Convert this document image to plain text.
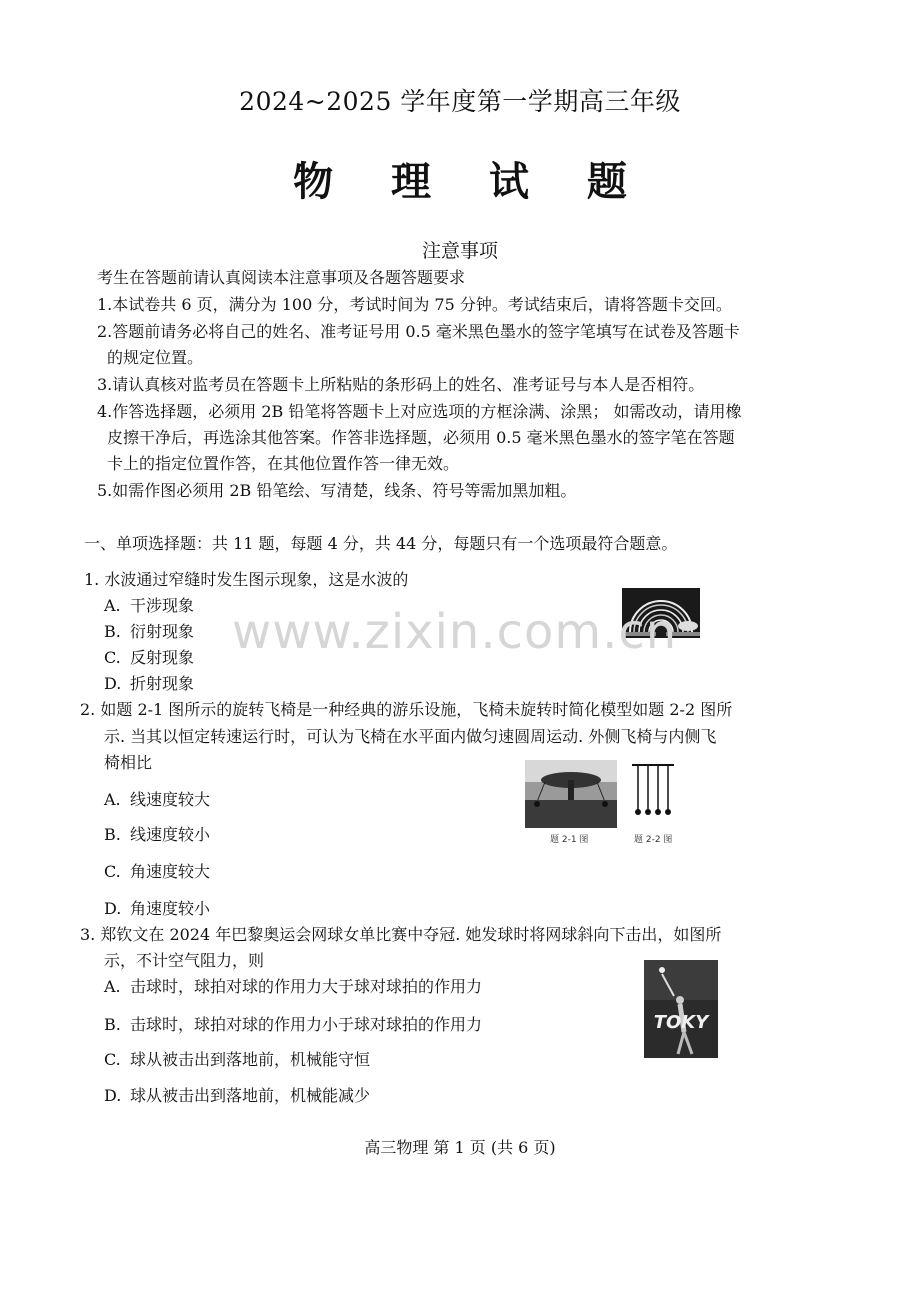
2024~2025 学年度第一学期高三年级
物 理 试 题
注意事项
考生在答题前请认真阅读本注意事项及各题答题要求
1.本试卷共 6 页，满分为 100 分，考试时间为 75 分钟。考试结束后，请将答题卡交回。
2.答题前请务必将自己的姓名、准考证号用 0.5 毫米黑色墨水的签字笔填写在试卷及答题卡
的规定位置。
3.请认真核对监考员在答题卡上所粘贴的条形码上的姓名、准考证号与本人是否相符。
4.作答选择题，必须用 2B 铅笔将答题卡上对应选项的方框涂满、涂黑； 如需改动，请用橡
皮擦干净后，再选涂其他答案。作答非选择题，必须用 0.5 毫米黑色墨水的签字笔在答题
卡上的指定位置作答，在其他位置作答一律无效。
5.如需作图必须用 2B 铅笔绘、写清楚，线条、符号等需加黑加粗。
一、单项选择题：共 11 题，每题 4 分，共 44 分，每题只有一个选项最符合题意。
1. 水波通过窄缝时发生图示现象，这是水波的
A. 干涉现象
B. 衍射现象
C. 反射现象
D. 折射现象
www.zixin.com.cn
2. 如题 2-1 图所示的旋转飞椅是一种经典的游乐设施，飞椅未旋转时简化模型如题 2-2 图所
示. 当其以恒定转速运行时，可认为飞椅在水平面内做匀速圆周运动. 外侧飞椅与内侧飞
椅相比
A. 线速度较大
B. 线速度较小
C. 角速度较大
D. 角速度较小
题 2-1 图	题 2-2 图
3. 郑钦文在 2024 年巴黎奥运会网球女单比赛中夺冠. 她发球时将网球斜向下击出，如图所
示，不计空气阻力，则
A. 击球时，球拍对球的作用力大于球对球拍的作用力
B. 击球时，球拍对球的作用力小于球对球拍的作用力
C. 球从被击出到落地前，机械能守恒
D. 球从被击出到落地前，机械能减少
TOKY
高三物理 第 1 页 (共 6 页)
